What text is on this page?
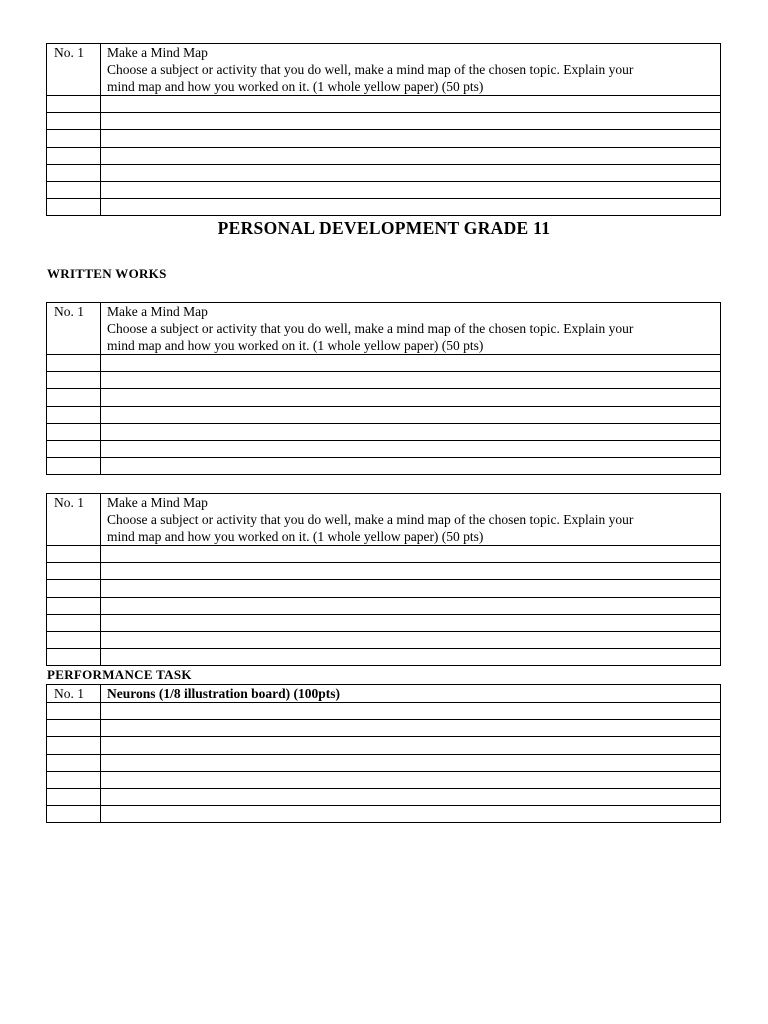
No. 1	Make a Mind Map
Choose a subject or activity that you do well, make a mind map of the chosen topic. Explain your
mind map and how you worked on it. (1 whole yellow paper) (50 pts)

PERSONAL DEVELOPMENT GRADE 11
WRITTEN WORKS
No. 1	Make a Mind Map
Choose a subject or activity that you do well, make a mind map of the chosen topic. Explain your
mind map and how you worked on it. (1 whole yellow paper) (50 pts)

No. 1	Make a Mind Map
Choose a subject or activity that you do well, make a mind map of the chosen topic. Explain your
mind map and how you worked on it. (1 whole yellow paper) (50 pts)

PERFORMANCE TASK
No. 1	Neurons (1/8 illustration board) (100pts)
